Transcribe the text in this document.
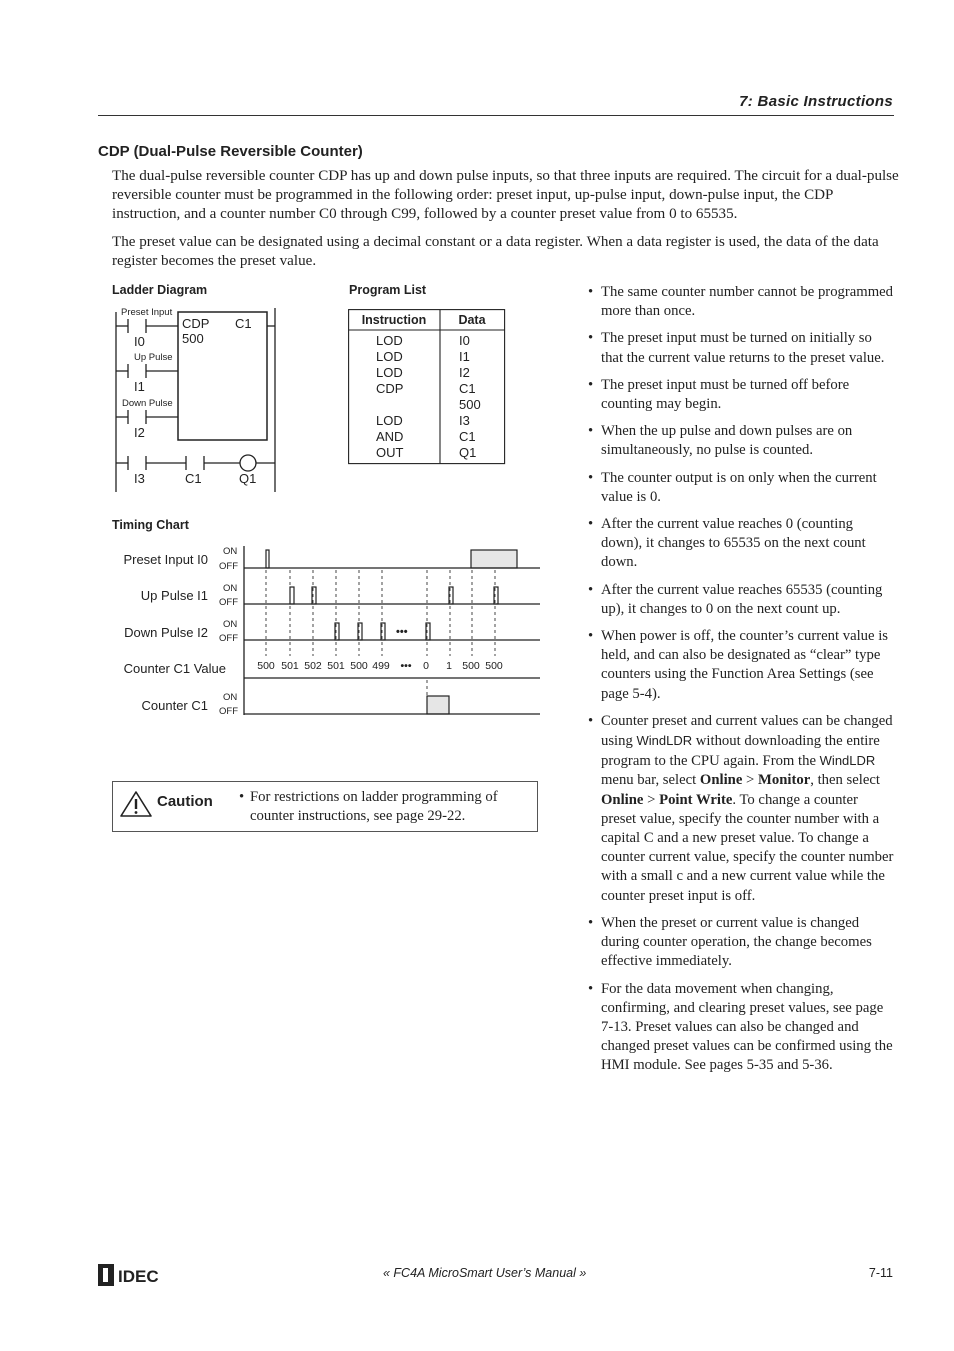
7: Basic Instructions
CDP (Dual-Pulse Reversible Counter)
The dual-pulse reversible counter CDP has up and down pulse inputs, so that three inputs are required. The circuit for a dual-pulse reversible counter must be programmed in the following order: preset input, up-pulse input, down-pulse input, the CDP instruction, and a counter number C0 through C99, followed by a counter preset value from 0 to 65535.
The preset value can be designated using a decimal constant or a data register. When a data register is used, the data of the data register becomes the preset value.
Ladder Diagram
Preset Input
I0
Up Pulse
I1
Down Pulse
I2
CDP C1
500
I3	C1	Q1
Program List
Instruction	Data
LOD	I0
LOD	I1
LOD	I2
CDP	C1
500
LOD	I3
AND	C1
OUT	Q1
Timing Chart
Preset Input I0
Up Pulse I1
Down Pulse I2
Counter C1 Value
Counter C1
ON
OFF
ON
OFF
ON
OFF
ON
OFF
•••
500 501 502 501 500 499 ••• 0 1 500 500
Caution • For restrictions on ladder programming of counter instructions, see page 29-22.
• The same counter number cannot be programmed more than once.
• The preset input must be turned on initially so that the current value returns to the preset value.
• The preset input must be turned off before counting may begin.
• When the up pulse and down pulses are on simultaneously, no pulse is counted.
• The counter output is on only when the current value is 0.
• After the current value reaches 0 (counting down), it changes to 65535 on the next count down.
• After the current value reaches 65535 (counting up), it changes to 0 on the next count up.
• When power is off, the counter’s current value is held, and can also be designated as “clear” type counters using the Function Area Settings (see page 5-4).
• Counter preset and current values can be changed using WindLDR without downloading the entire program to the CPU again. From the WindLDR menu bar, select Online > Monitor, then select Online > Point Write. To change a counter preset value, specify the counter number with a capital C and a new preset value. To change a counter current value, specify the counter number with a small c and a new current value while the counter preset input is off.
• When the preset or current value is changed during counter operation, the change becomes effective immediately.
• For the data movement when changing, confirming, and clearing preset values, see page 7-13. Preset values can also be changed and changed preset values can be confirmed using the HMI module. See pages 5-35 and 5-36.
IDEC	« FC4A MicroSmart User’s Manual »	7-11
